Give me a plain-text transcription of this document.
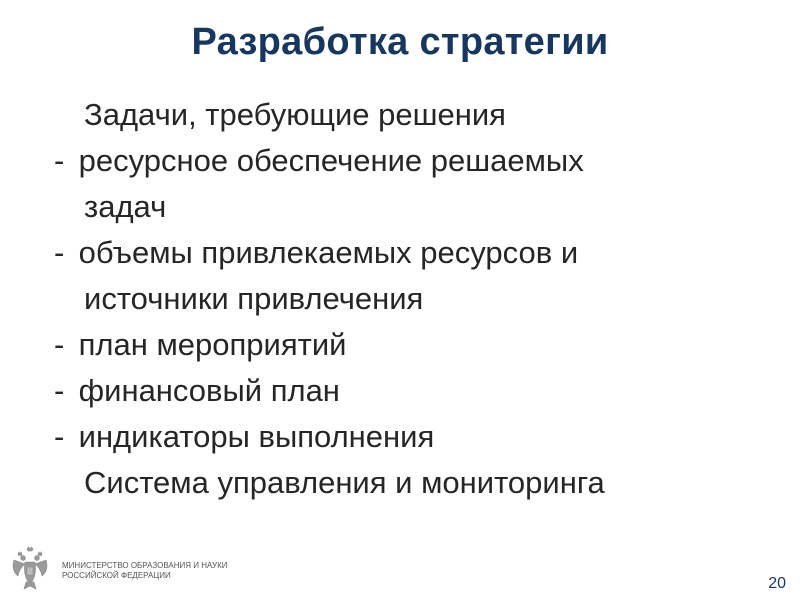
Разработка стратегии
Задачи, требующие решения
- ресурсное обеспечение решаемых
задач
- объемы привлекаемых ресурсов и
источники привлечения
- план мероприятий
- финансовый план
- индикаторы выполнения
Система управления и мониторинга
МИНИСТЕРСТВО ОБРАЗОВАНИЯ И НАУКИ
РОССИЙСКОЙ ФЕДЕРАЦИИ	20
